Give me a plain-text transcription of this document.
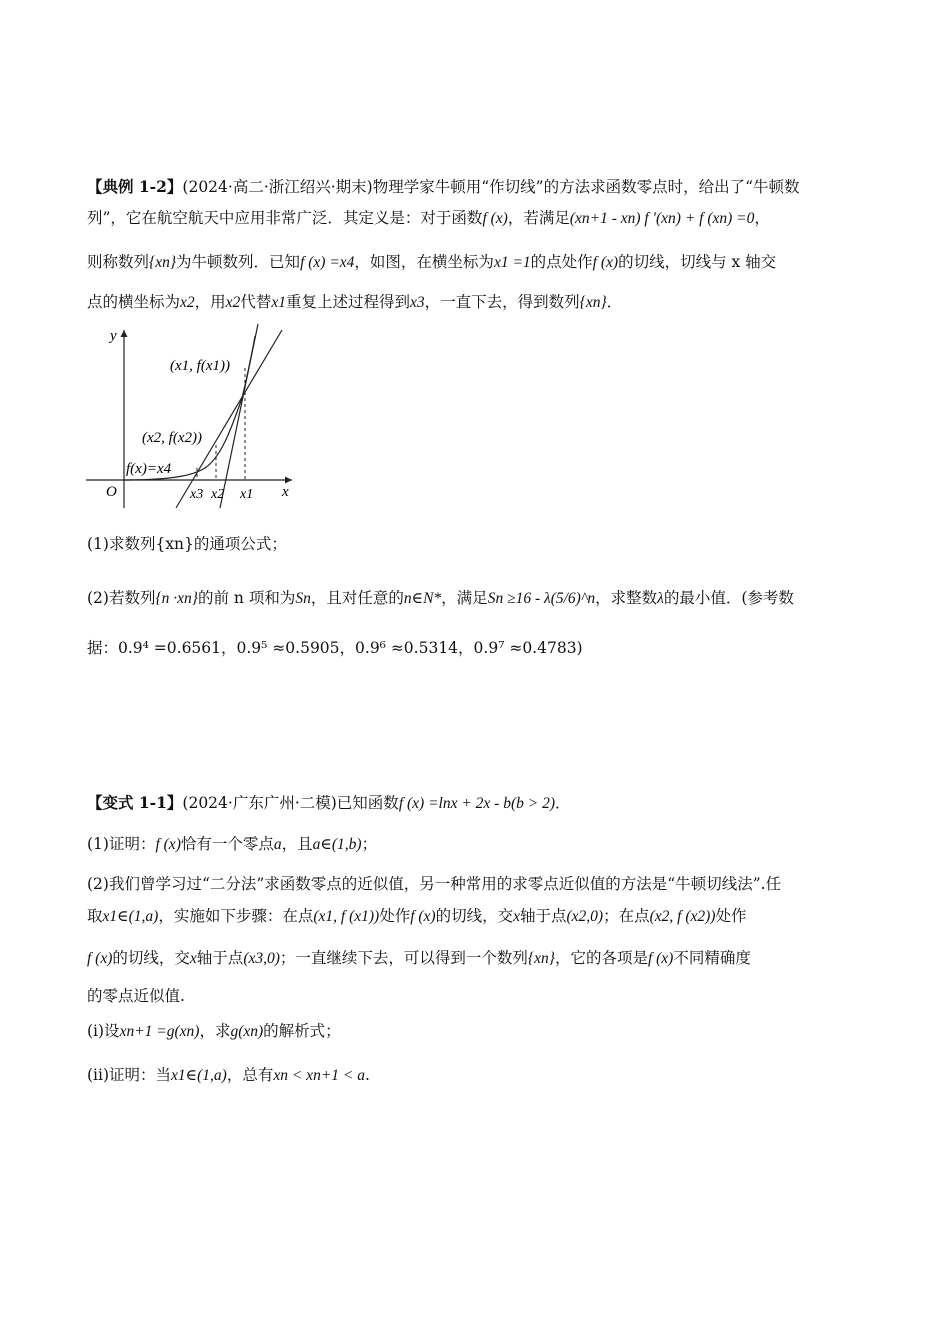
【典例 1-2】(2024·高二·浙江绍兴·期末)物理学家牛顿用“作切线”的方法求函数零点时，给出了“牛顿数
列”，它在航空航天中应用非常广泛．其定义是：对于函数f (x)，若满足(xn+1 - xn) f ′(xn) + f (xn) =0，
则称数列{xn}为牛顿数列．已知f (x) =x4，如图，在横坐标为x1 =1的点处作f (x)的切线，切线与 x 轴交
点的横坐标为x2，用x2代替x1重复上述过程得到x3，一直下去，得到数列{xn}．
y
x
O
(x1, f(x1))
(x2, f(x2))
f(x)=x4
x3 x2 x1
(1)求数列{xn}的通项公式；
(2)若数列{n ·xn}的前 n 项和为Sn，且对任意的n∈N*，满足Sn ≥16 - λ(5/6)^n，求整数λ的最小值．(参考数
据：0.9⁴ =0.6561，0.9⁵ ≈0.5905，0.9⁶ ≈0.5314，0.9⁷ ≈0.4783)
【变式 1-1】(2024·广东广州·二模)已知函数f (x) =lnx + 2x - b(b > 2)．
(1)证明：f (x)恰有一个零点a，且a∈(1,b)；
(2)我们曾学习过“二分法”求函数零点的近似值，另一种常用的求零点近似值的方法是“牛顿切线法”.任
取x1∈(1,a)，实施如下步骤：在点(x1, f (x1))处作f (x)的切线，交x轴于点(x2,0)；在点(x2, f (x2))处作
f (x)的切线，交x轴于点(x3,0)；一直继续下去，可以得到一个数列{xn}，它的各项是f (x)不同精确度
的零点近似值.
(i)设xn+1 =g(xn)，求g(xn)的解析式；
(ii)证明：当x1∈(1,a)，总有xn < xn+1 < a.
